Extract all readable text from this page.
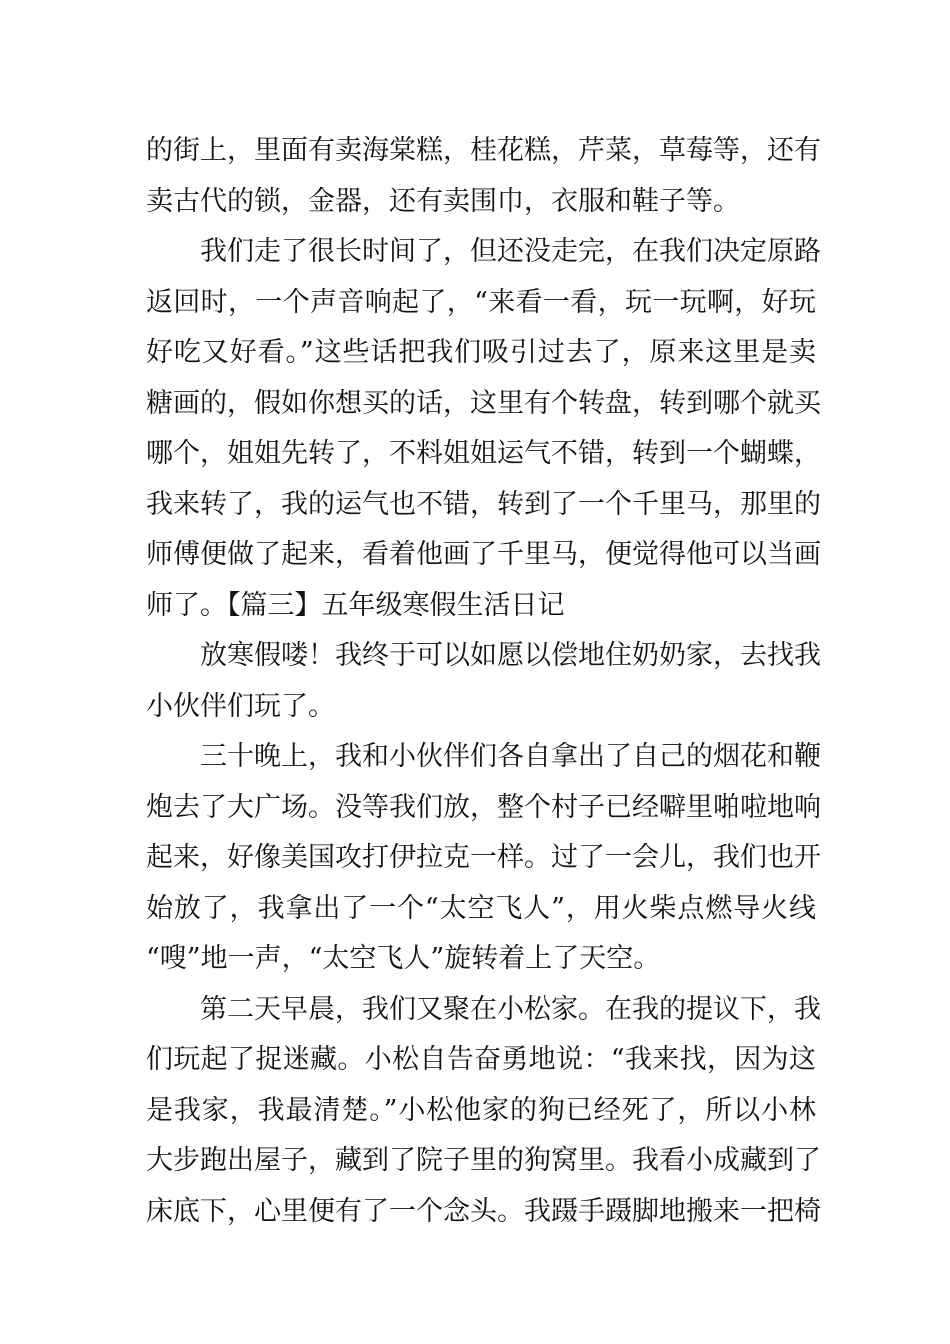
的街上，里面有卖海棠糕，桂花糕，芹菜，草莓等，还有
卖古代的锁，金器，还有卖围巾，衣服和鞋子等。
我们走了很长时间了，但还没走完，在我们决定原路
返回时，一个声音响起了，“来看一看，玩一玩啊，好玩
好吃又好看。”这些话把我们吸引过去了，原来这里是卖
糖画的，假如你想买的话，这里有个转盘，转到哪个就买
哪个，姐姐先转了，不料姐姐运气不错，转到一个蝴蝶，
我来转了，我的运气也不错，转到了一个千里马，那里的
师傅便做了起来，看着他画了千里马，便觉得他可以当画
师了。【篇三】五年级寒假生活日记
放寒假喽！我终于可以如愿以偿地住奶奶家，去找我
小伙伴们玩了。
三十晚上，我和小伙伴们各自拿出了自己的烟花和鞭
炮去了大广场。没等我们放，整个村子已经噼里啪啦地响
起来，好像美国攻打伊拉克一样。过了一会儿，我们也开
始放了，我拿出了一个“太空飞人”，用火柴点燃导火线
“嗖”地一声，“太空飞人”旋转着上了天空。
第二天早晨，我们又聚在小松家。在我的提议下，我
们玩起了捉迷藏。小松自告奋勇地说：“我来找，因为这
是我家，我最清楚。”小松他家的狗已经死了，所以小林
大步跑出屋子，藏到了院子里的狗窝里。我看小成藏到了
床底下，心里便有了一个念头。我蹑手蹑脚地搬来一把椅
